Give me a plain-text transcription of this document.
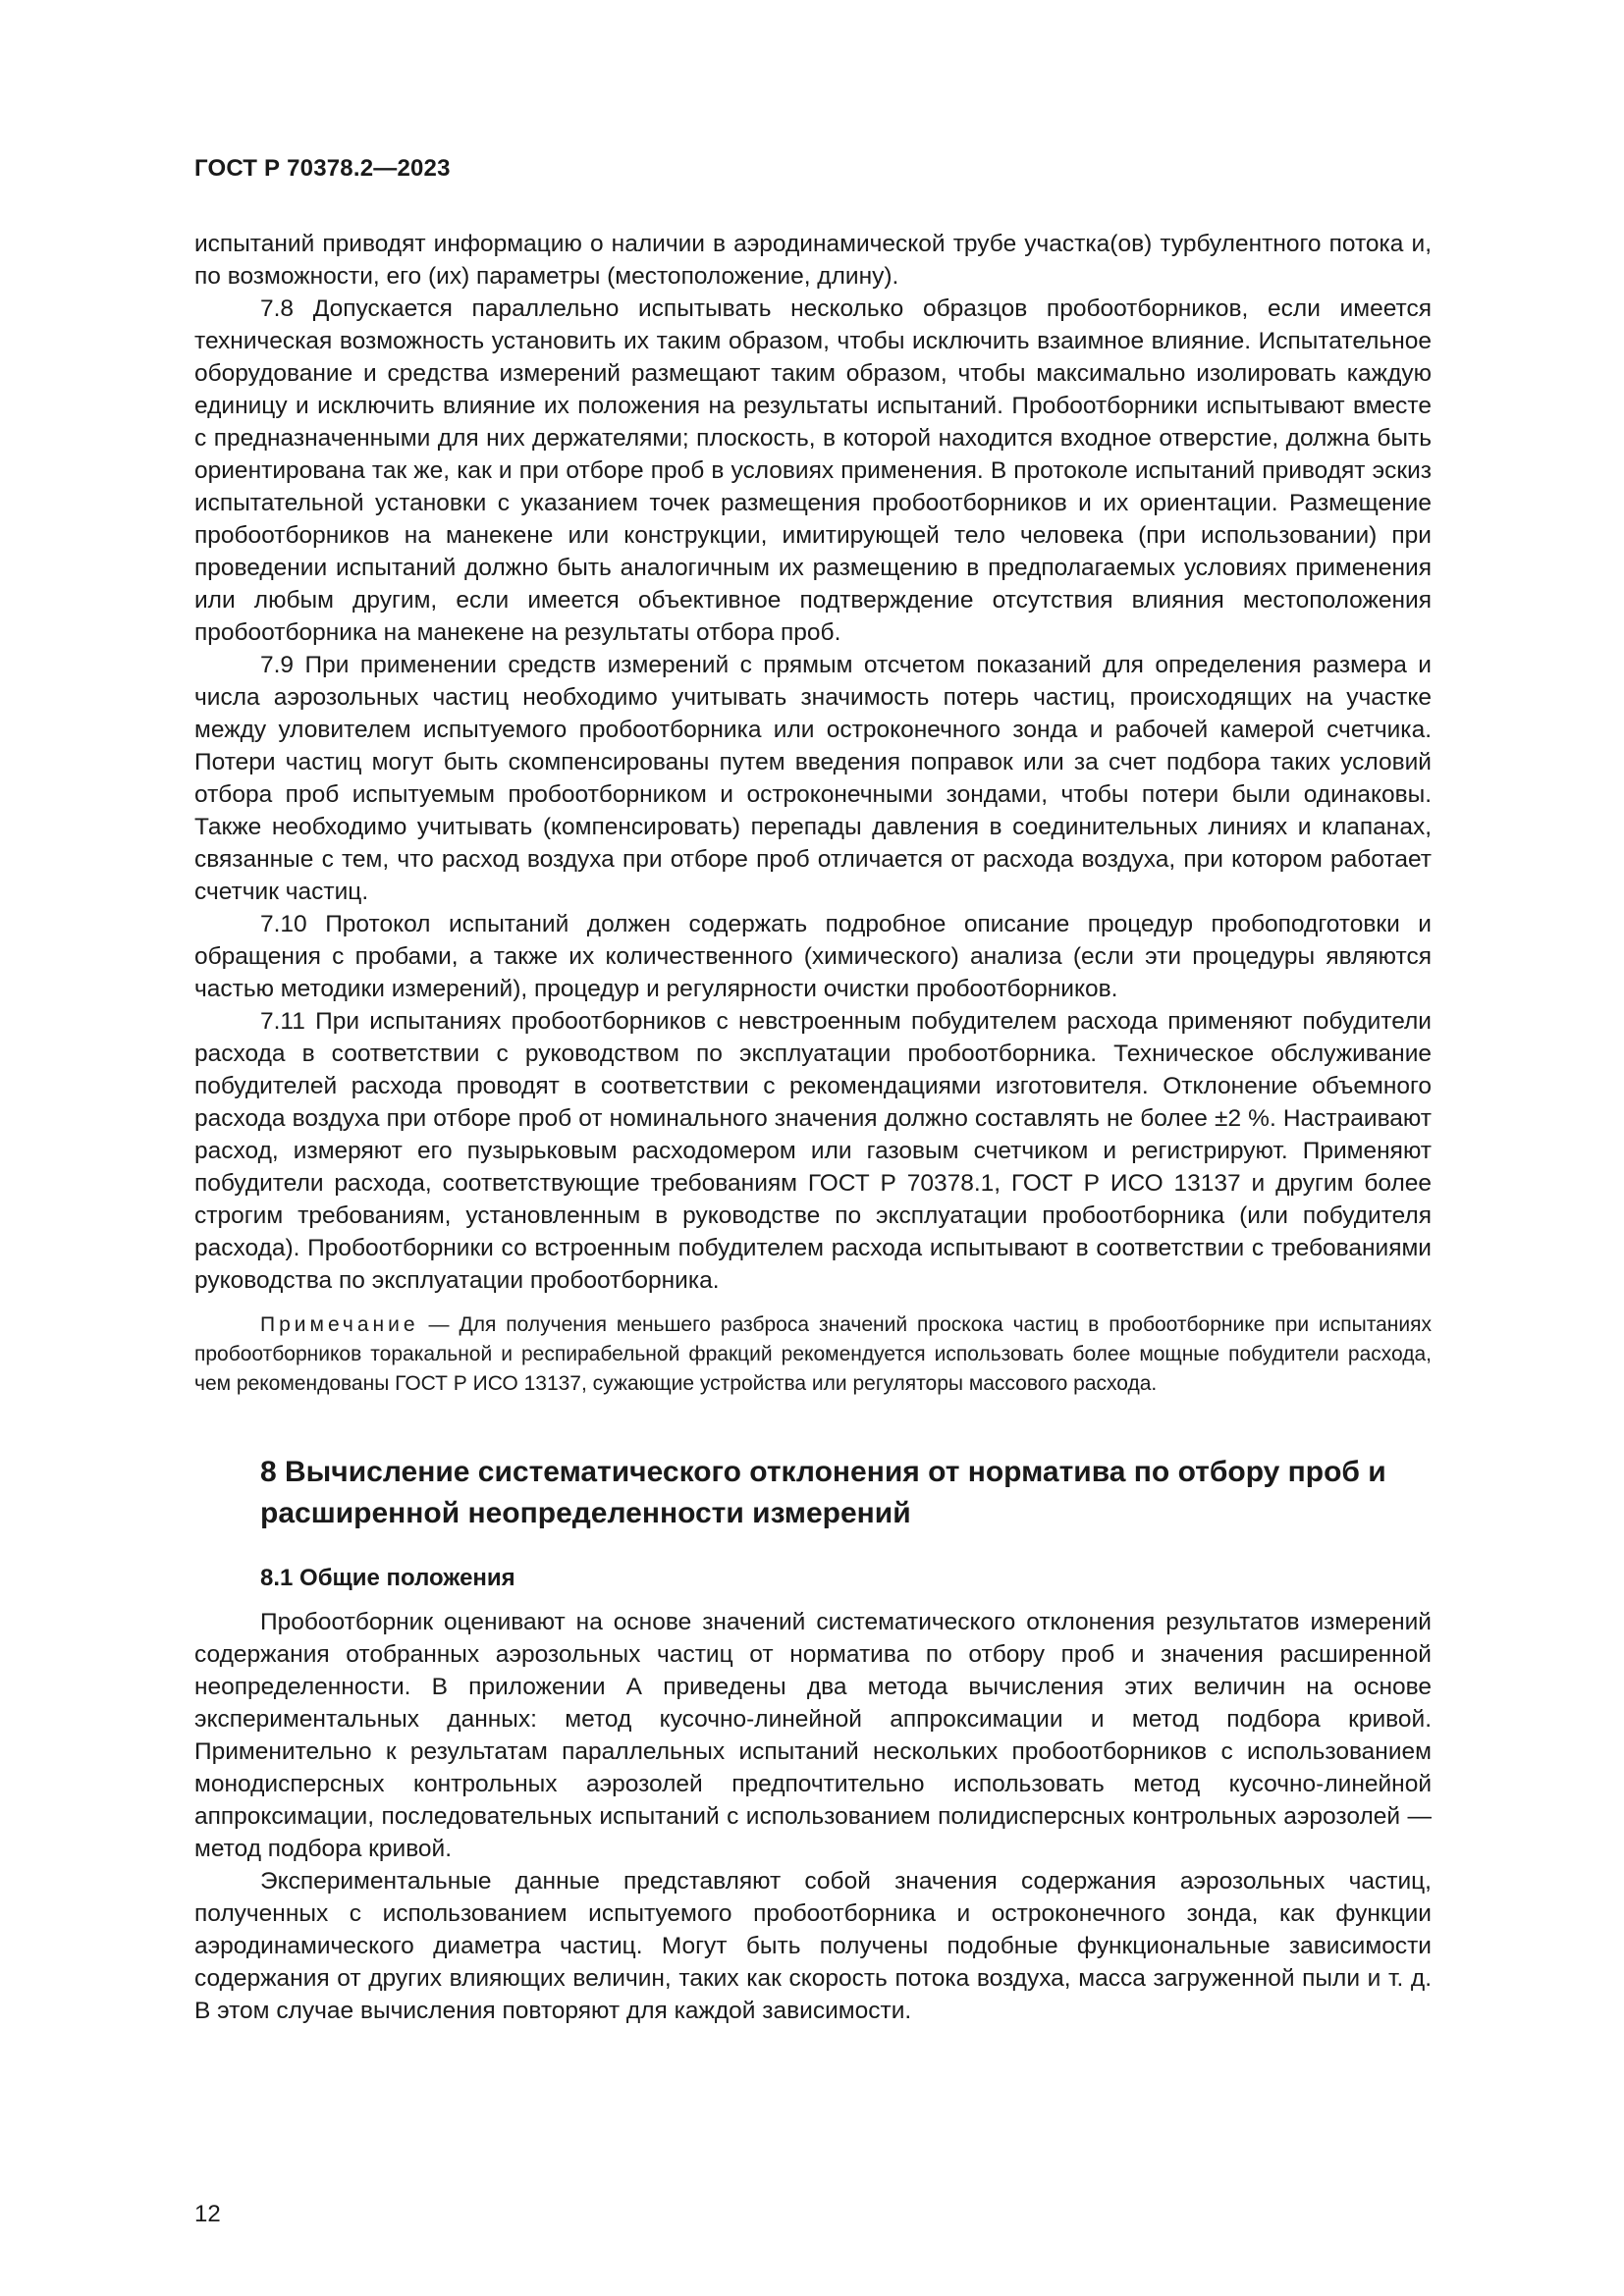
ГОСТ Р 70378.2—2023

испытаний приводят информацию о наличии в аэродинамической трубе участка(ов) турбулентного потока и, по возможности, его (их) параметры (местоположение, длину).

7.8 Допускается параллельно испытывать несколько образцов пробоотборников, если имеется техническая возможность установить их таким образом, чтобы исключить взаимное влияние. Испытательное оборудование и средства измерений размещают таким образом, чтобы максимально изолировать каждую единицу и исключить влияние их положения на результаты испытаний. Пробоотборники испытывают вместе с предназначенными для них держателями; плоскость, в которой находится входное отверстие, должна быть ориентирована так же, как и при отборе проб в условиях применения. В протоколе испытаний приводят эскиз испытательной установки с указанием точек размещения пробоотборников и их ориентации. Размещение пробоотборников на манекене или конструкции, имитирующей тело человека (при использовании) при проведении испытаний должно быть аналогичным их размещению в предполагаемых условиях применения или любым другим, если имеется объективное подтверждение отсутствия влияния местоположения пробоотборника на манекене на результаты отбора проб.

7.9 При применении средств измерений с прямым отсчетом показаний для определения размера и числа аэрозольных частиц необходимо учитывать значимость потерь частиц, происходящих на участке между уловителем испытуемого пробоотборника или остроконечного зонда и рабочей камерой счетчика. Потери частиц могут быть скомпенсированы путем введения поправок или за счет подбора таких условий отбора проб испытуемым пробоотборником и остроконечными зондами, чтобы потери были одинаковы. Также необходимо учитывать (компенсировать) перепады давления в соединительных линиях и клапанах, связанные с тем, что расход воздуха при отборе проб отличается от расхода воздуха, при котором работает счетчик частиц.

7.10 Протокол испытаний должен содержать подробное описание процедур пробоподготовки и обращения с пробами, а также их количественного (химического) анализа (если эти процедуры являются частью методики измерений), процедур и регулярности очистки пробоотборников.

7.11 При испытаниях пробоотборников с невстроенным побудителем расхода применяют побудители расхода в соответствии с руководством по эксплуатации пробоотборника. Техническое обслуживание побудителей расхода проводят в соответствии с рекомендациями изготовителя. Отклонение объемного расхода воздуха при отборе проб от номинального значения должно составлять не более ±2 %. Настраивают расход, измеряют его пузырьковым расходомером или газовым счетчиком и регистрируют. Применяют побудители расхода, соответствующие требованиям ГОСТ Р 70378.1, ГОСТ Р ИСО 13137 и другим более строгим требованиям, установленным в руководстве по эксплуатации пробоотборника (или побудителя расхода). Пробоотборники со встроенным побудителем расхода испытывают в соответствии с требованиями руководства по эксплуатации пробоотборника.

Примечание — Для получения меньшего разброса значений проскока частиц в пробоотборнике при испытаниях пробоотборников торакальной и респирабельной фракций рекомендуется использовать более мощные побудители расхода, чем рекомендованы ГОСТ Р ИСО 13137, сужающие устройства или регуляторы массового расхода.

8 Вычисление систематического отклонения от норматива по отбору проб и расширенной неопределенности измерений
8.1 Общие положения

Пробоотборник оценивают на основе значений систематического отклонения результатов измерений содержания отобранных аэрозольных частиц от норматива по отбору проб и значения расширенной неопределенности. В приложении А приведены два метода вычисления этих величин на основе экспериментальных данных: метод кусочно-линейной аппроксимации и метод подбора кривой. Применительно к результатам параллельных испытаний нескольких пробоотборников с использованием монодисперсных контрольных аэрозолей предпочтительно использовать метод кусочно-линейной аппроксимации, последовательных испытаний с использованием полидисперсных контрольных аэрозолей — метод подбора кривой.

Экспериментальные данные представляют собой значения содержания аэрозольных частиц, полученных с использованием испытуемого пробоотборника и остроконечного зонда, как функции аэродинамического диаметра частиц. Могут быть получены подобные функциональные зависимости содержания от других влияющих величин, таких как скорость потока воздуха, масса загруженной пыли и т. д. В этом случае вычисления повторяют для каждой зависимости.

12
